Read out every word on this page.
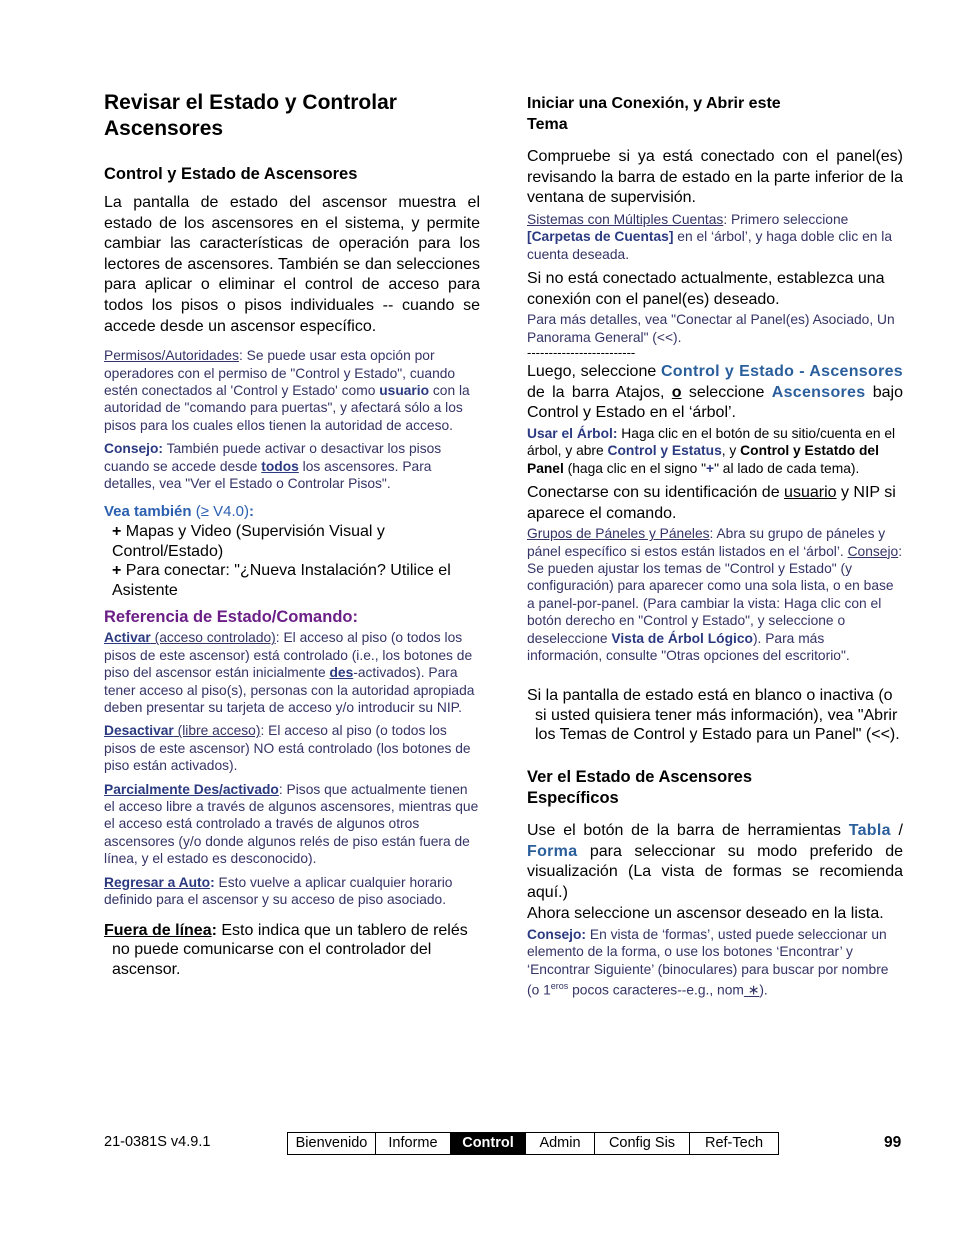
Revisar el Estado y Controlar Ascensores
Control y Estado de Ascensores

La pantalla de estado del ascensor muestra el estado de los ascensores en el sistema, y permite cambiar las características de operación para los lectores de ascensores. También se dan selecciones para aplicar o eliminar el control de acceso para todos los pisos o pisos individuales -- cuando se accede desde un ascensor específico.

Permisos/Autoridades: Se puede usar esta opción por operadores con el permiso de "Control y Estado", cuando estén conectados al 'Control y Estado' como usuario con la autoridad de "comando para puertas", y afectará sólo a los pisos para los cuales ellos tienen la autoridad de acceso.

Consejo: También puede activar o desactivar los pisos cuando se accede desde todos los ascensores. Para detalles, vea "Ver el Estado o Controlar Pisos".

Vea también (≥ V4.0):
+ Mapas y Video (Supervisión Visual y Control/Estado)
+ Para conectar: "¿Nueva Instalación? Utilice el Asistente
Referencia de Estado/Comando:

Activar (acceso controlado): El acceso al piso (o todos los pisos de este ascensor) está controlado (i.e., los botones de piso del ascensor están inicialmente des-activados). Para tener acceso al piso(s), personas con la autoridad apropiada deben presentar su tarjeta de acceso y/o introducir su NIP.

Desactivar (libre acceso): El acceso al piso (o todos los pisos de este ascensor) NO está controlado (los botones de piso están activados).

Parcialmente Des/activado: Pisos que actualmente tienen el acceso libre a través de algunos ascensores, mientras que el acceso está controlado a través de algunos otros ascensores (y/o donde algunos relés de piso están fuera de línea, y el estado es desconocido).

Regresar a Auto: Esto vuelve a aplicar cualquier horario definido para el ascensor y su acceso de piso asociado.

Fuera de línea: Esto indica que un tablero de relés no puede comunicarse con el controlador del ascensor.

Iniciar una Conexión, y Abrir este Tema

Compruebe si ya está conectado con el panel(es) revisando la barra de estado en la parte inferior de la ventana de supervisión.

Sistemas con Múltiples Cuentas: Primero seleccione [Carpetas de Cuentas] en el ‘árbol’, y haga doble clic en la cuenta deseada.

Si no está conectado actualmente, establezca una conexión con el panel(es) deseado.

Para más detalles, vea "Conectar al Panel(es) Asociado, Un Panorama General" (<<).

-------------------------

Luego, seleccione Control y Estado - Ascensores de la barra Atajos, o seleccione Ascensores bajo Control y Estado en el ‘árbol’.

Usar el Árbol: Haga clic en el botón de su sitio/cuenta en el árbol, y abre Control y Estatus, y Control y Estatdo del Panel (haga clic en el signo "+" al lado de cada tema).

Conectarse con su identificación de usuario y NIP si aparece el comando.

Grupos de Páneles y Páneles: Abra su grupo de páneles y pánel específico si estos están listados en el ‘árbol’. Consejo: Se pueden ajustar los temas de "Control y Estado" (y configuración) para aparecer como una sola lista, o en base a panel-por-panel. (Para cambiar la vista: Haga clic con el botón derecho en "Control y Estado", y seleccione o deseleccione Vista de Árbol Lógico). Para más información, consulte "Otras opciones del escritorio".

Si la pantalla de estado está en blanco o inactiva (o si usted quisiera tener más información), vea "Abrir los Temas de Control y Estado para un Panel" (<<).

Ver el Estado de Ascensores Específicos

Use el botón de la barra de herramientas Tabla / Forma para seleccionar su modo preferido de visualización (La vista de formas se recomienda aquí.)

Ahora seleccione un ascensor deseado en la lista.

Consejo: En vista de ‘formas’, usted puede seleccionar un elemento de la forma, o use los botones ‘Encontrar’ y ‘Encontrar Siguiente’ (binoculares) para buscar por nombre (o $1^{eros}$ pocos caracteres--e.g., nom ∗).

21-0381S v4.9.1	Bienvenido	Informe	Control	Admin	Config Sis	Ref-Tech	99
